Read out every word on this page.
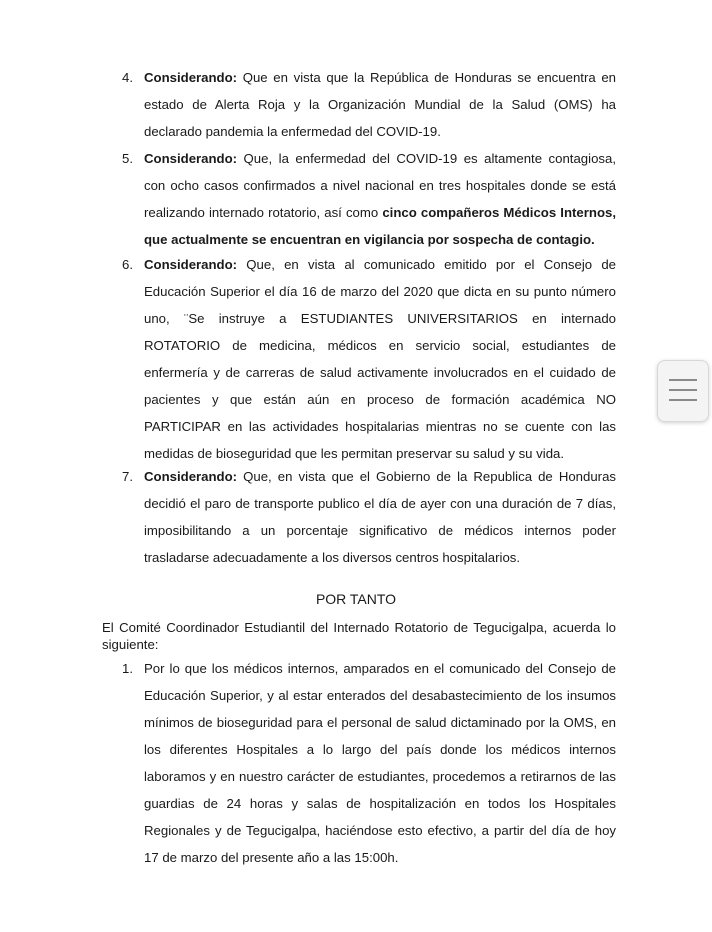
4. Considerando: Que en vista que la República de Honduras se encuentra en estado de Alerta Roja y la Organización Mundial de la Salud (OMS) ha declarado pandemia la enfermedad del COVID-19.
5. Considerando: Que, la enfermedad del COVID-19 es altamente contagiosa, con ocho casos confirmados a nivel nacional en tres hospitales donde se está realizando internado rotatorio, así como cinco compañeros Médicos Internos, que actualmente se encuentran en vigilancia por sospecha de contagio.
6. Considerando: Que, en vista al comunicado emitido por el Consejo de Educación Superior el día 16 de marzo del 2020 que dicta en su punto número uno, ¨Se instruye a ESTUDIANTES UNIVERSITARIOS en internado ROTATORIO de medicina, médicos en servicio social, estudiantes de enfermería y de carreras de salud activamente involucrados en el cuidado de pacientes y que están aún en proceso de formación académica NO PARTICIPAR en las actividades hospitalarias mientras no se cuente con las medidas de bioseguridad que les permitan preservar su salud y su vida.
7. Considerando: Que, en vista que el Gobierno de la Republica de Honduras decidió el paro de transporte publico el día de ayer con una duración de 7 días, imposibilitando a un porcentaje significativo de médicos internos poder trasladarse adecuadamente a los diversos centros hospitalarios.
POR TANTO
El Comité Coordinador Estudiantil del Internado Rotatorio de Tegucigalpa, acuerda lo siguiente:
1. Por lo que los médicos internos, amparados en el comunicado del Consejo de Educación Superior, y al estar enterados del desabastecimiento de los insumos mínimos de bioseguridad para el personal de salud dictaminado por la OMS, en los diferentes Hospitales a lo largo del país donde los médicos internos laboramos y en nuestro carácter de estudiantes, procedemos a retirarnos de las guardias de 24 horas y salas de hospitalización en todos los Hospitales Regionales y de Tegucigalpa, haciéndose esto efectivo, a partir del día de hoy 17 de marzo del presente año a las 15:00h.
